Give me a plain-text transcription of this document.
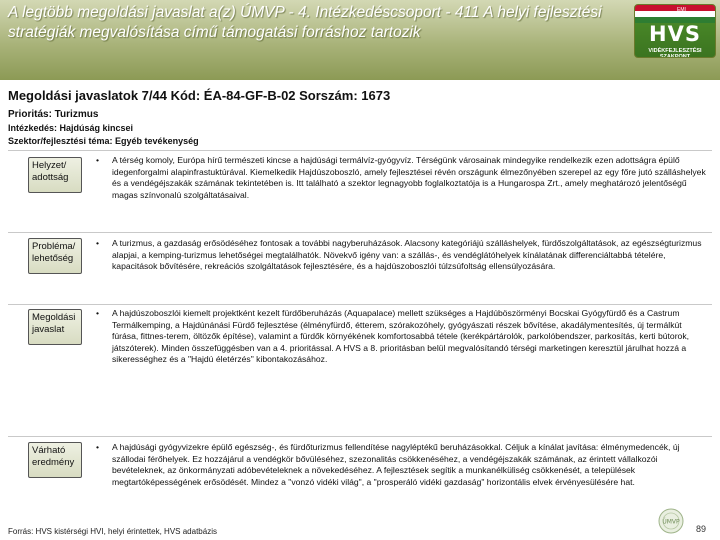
A legtöbb megoldási javaslat a(z) ÚMVP - 4. Intézkedéscsoport - 411 A helyi fejlesztési stratégiák megvalósítása című támogatási forráshoz tartozik
EMI
HVS
VIDÉKFEJLESZTÉSI SZAKPONT
Megoldási javaslatok 7/44 Kód: ÉA-84-GF-B-02 Sorszám: 1673
Prioritás: Turizmus
Intézkedés: Hajdúság kincsei
Szektor/fejlesztési téma: Egyéb tevékenység
Helyzet/ adottság
• A térség komoly, Európa hírű természeti kincse a hajdúsági termálvíz-gyógyvíz. Térségünk városainak mindegyike rendelkezik ezen adottságra épülő idegenforgalmi alapinfrastuktúrával. Kiemelkedik Hajdúszoboszló, amely fejlesztései révén országunk élmezőnyében szerepel az egy főre jutó szálláshelyek és a vendégéjszakák számának tekintetében is. Itt található a szektor legnagyobb foglalkoztatója is a Hungarospa Zrt., amely meghatározó jelentőségű magas színvonalú szolgáltatásaival.
Probléma/ lehetőség
• A turizmus, a gazdaság erősödéséhez fontosak a további nagyberuházások. Alacsony kategóriájú szálláshelyek, fürdőszolgáltatások, az egészségturizmus alapjai, a kemping-turizmus lehetőségei megtalálhatók. Növekvő igény van: a szállás-, és vendéglátóhelyek kínálatának differenciáltabbá tételére, kapacitások bővítésére, rekreációs szolgáltatások fejlesztésére, és a hajdúszoboszlói túlzsúfoltság ellensúlyozására.
Megoldási javaslat
• A hajdúszoboszlói kiemelt projektként kezelt fürdőberuházás (Aquapalace) mellett szükséges a Hajdúböszörményi Bocskai Gyógyfürdő és a Castrum Termálkemping, a Hajdúnánási Fürdő fejlesztése (élményfürdő, étterem, szórakozóhely, gyógyászati részek bővítése, akadálymentesítés, új termálkút fúrása, fittnes-terem, öltözők építése), valamint a fürdők környékének komfortosabbá tétele (kerékpártárolók, parkolóbendszer, parkosítás, kerti bútorok, játszóterek). Minden összefüggésben van a 4. prioritással. A HVS a 8. prioritásban belül megvalósítandó térségi marketingen keresztül járulhat hozzá a sikerességhez és a "Hajdú életérzés" kibontakozásához.
Várható eredmény
• A hajdúsági gyógyvizekre épülő egészség-, és fürdőturizmus fellendítése nagyléptékű beruházásokkal. Céljuk a kínálat javítása: élménymedencék, új szállodai férőhelyek. Ez hozzájárul a vendégkör bővüléséhez, szezonalitás csökkenéséhez, a vendégéjszakák számának, az érintett vállalkozói bevételeknek, az önkormányzati adóbevételeknek a növekedéséhez. A fejlesztések segítik a munkanélküliség csökkenését, a települések megtartóképességének erősödését. Mindez a "vonzó vidéki világ", a "prosperáló vidéki gazdaság" horizontális elvek érvényesülésére hat.
Forrás: HVS kistérségi HVI, helyi érintettek, HVS adatbázis
ÚMVP
89
